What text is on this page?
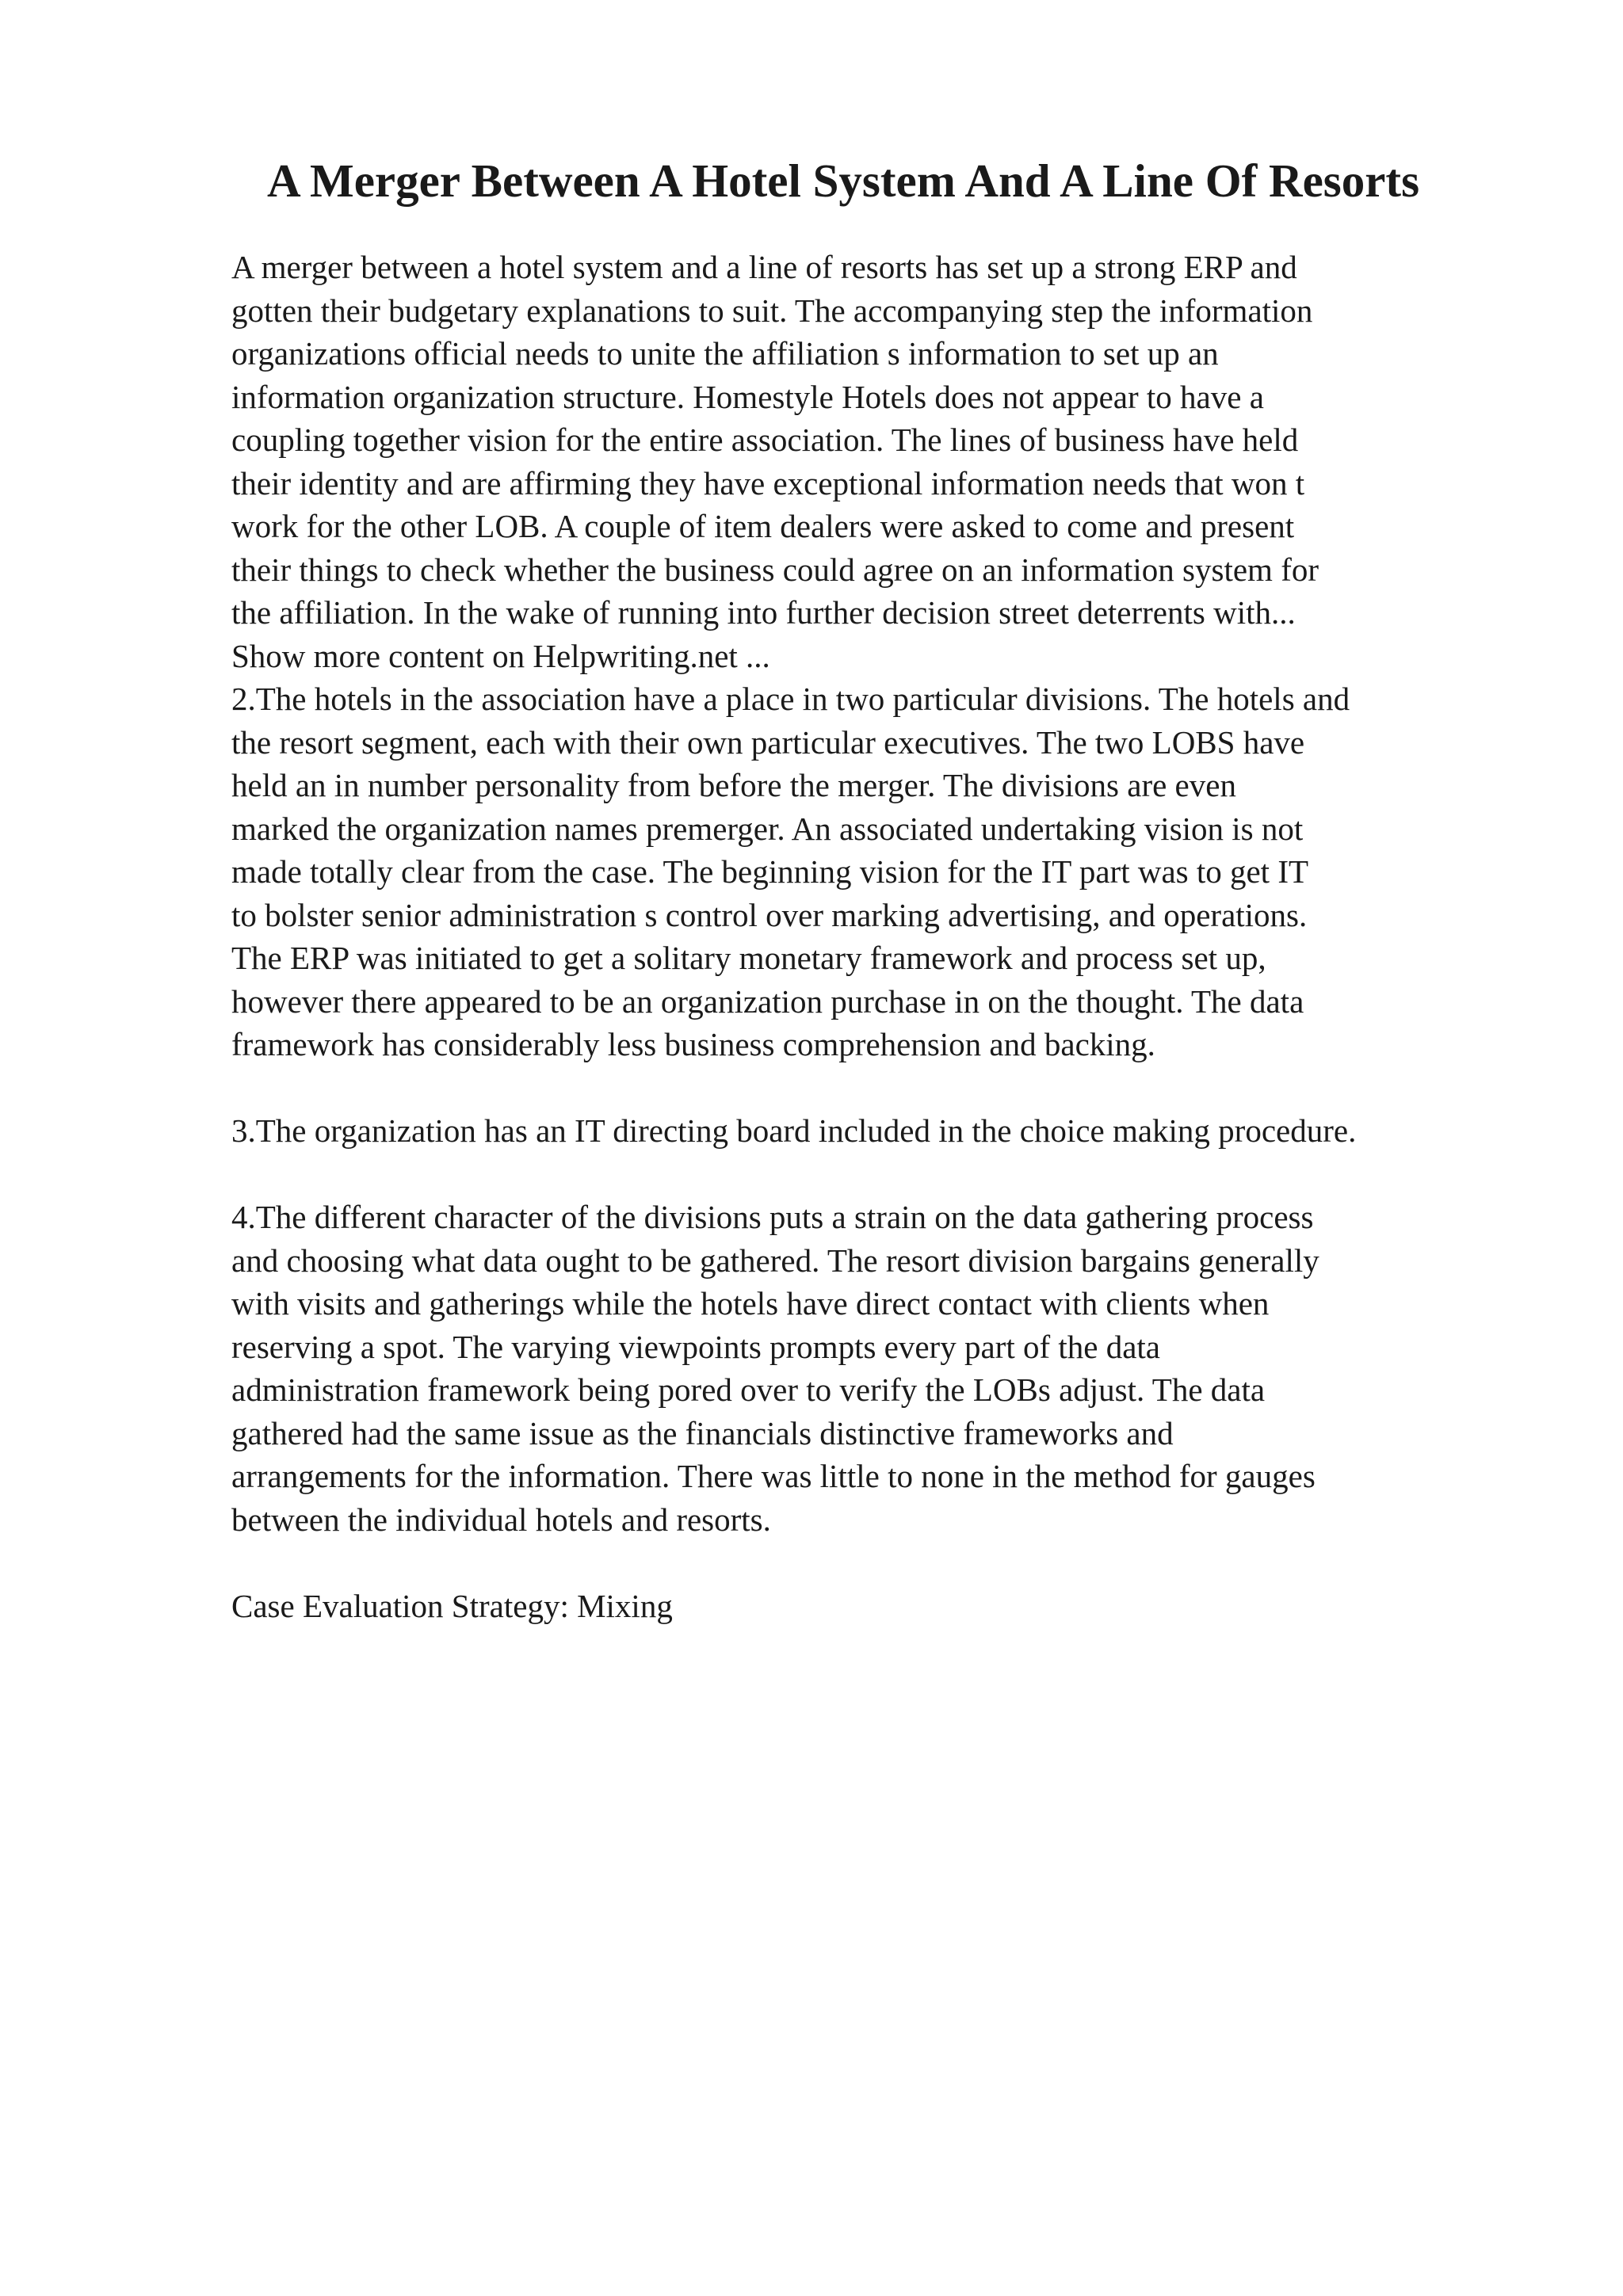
A Merger Between A Hotel System And A Line Of Resorts
A merger between a hotel system and a line of resorts has set up a strong ERP and
gotten their budgetary explanations to suit. The accompanying step the information
organizations official needs to unite the affiliation s information to set up an
information organization structure. Homestyle Hotels does not appear to have a
coupling together vision for the entire association. The lines of business have held
their identity and are affirming they have exceptional information needs that won t
work for the other LOB. A couple of item dealers were asked to come and present
their things to check whether the business could agree on an information system for
the affiliation. In the wake of running into further decision street deterrents with...
Show more content on Helpwriting.net ...
2.The hotels in the association have a place in two particular divisions. The hotels and
the resort segment, each with their own particular executives. The two LOBS have
held an in number personality from before the merger. The divisions are even
marked the organization names premerger. An associated undertaking vision is not
made totally clear from the case. The beginning vision for the IT part was to get IT
to bolster senior administration s control over marking advertising, and operations.
The ERP was initiated to get a solitary monetary framework and process set up,
however there appeared to be an organization purchase in on the thought. The data
framework has considerably less business comprehension and backing.
3.The organization has an IT directing board included in the choice making procedure.
4.The different character of the divisions puts a strain on the data gathering process
and choosing what data ought to be gathered. The resort division bargains generally
with visits and gatherings while the hotels have direct contact with clients when
reserving a spot. The varying viewpoints prompts every part of the data
administration framework being pored over to verify the LOBs adjust. The data
gathered had the same issue as the financials distinctive frameworks and
arrangements for the information. There was little to none in the method for gauges
between the individual hotels and resorts.
Case Evaluation Strategy: Mixing
